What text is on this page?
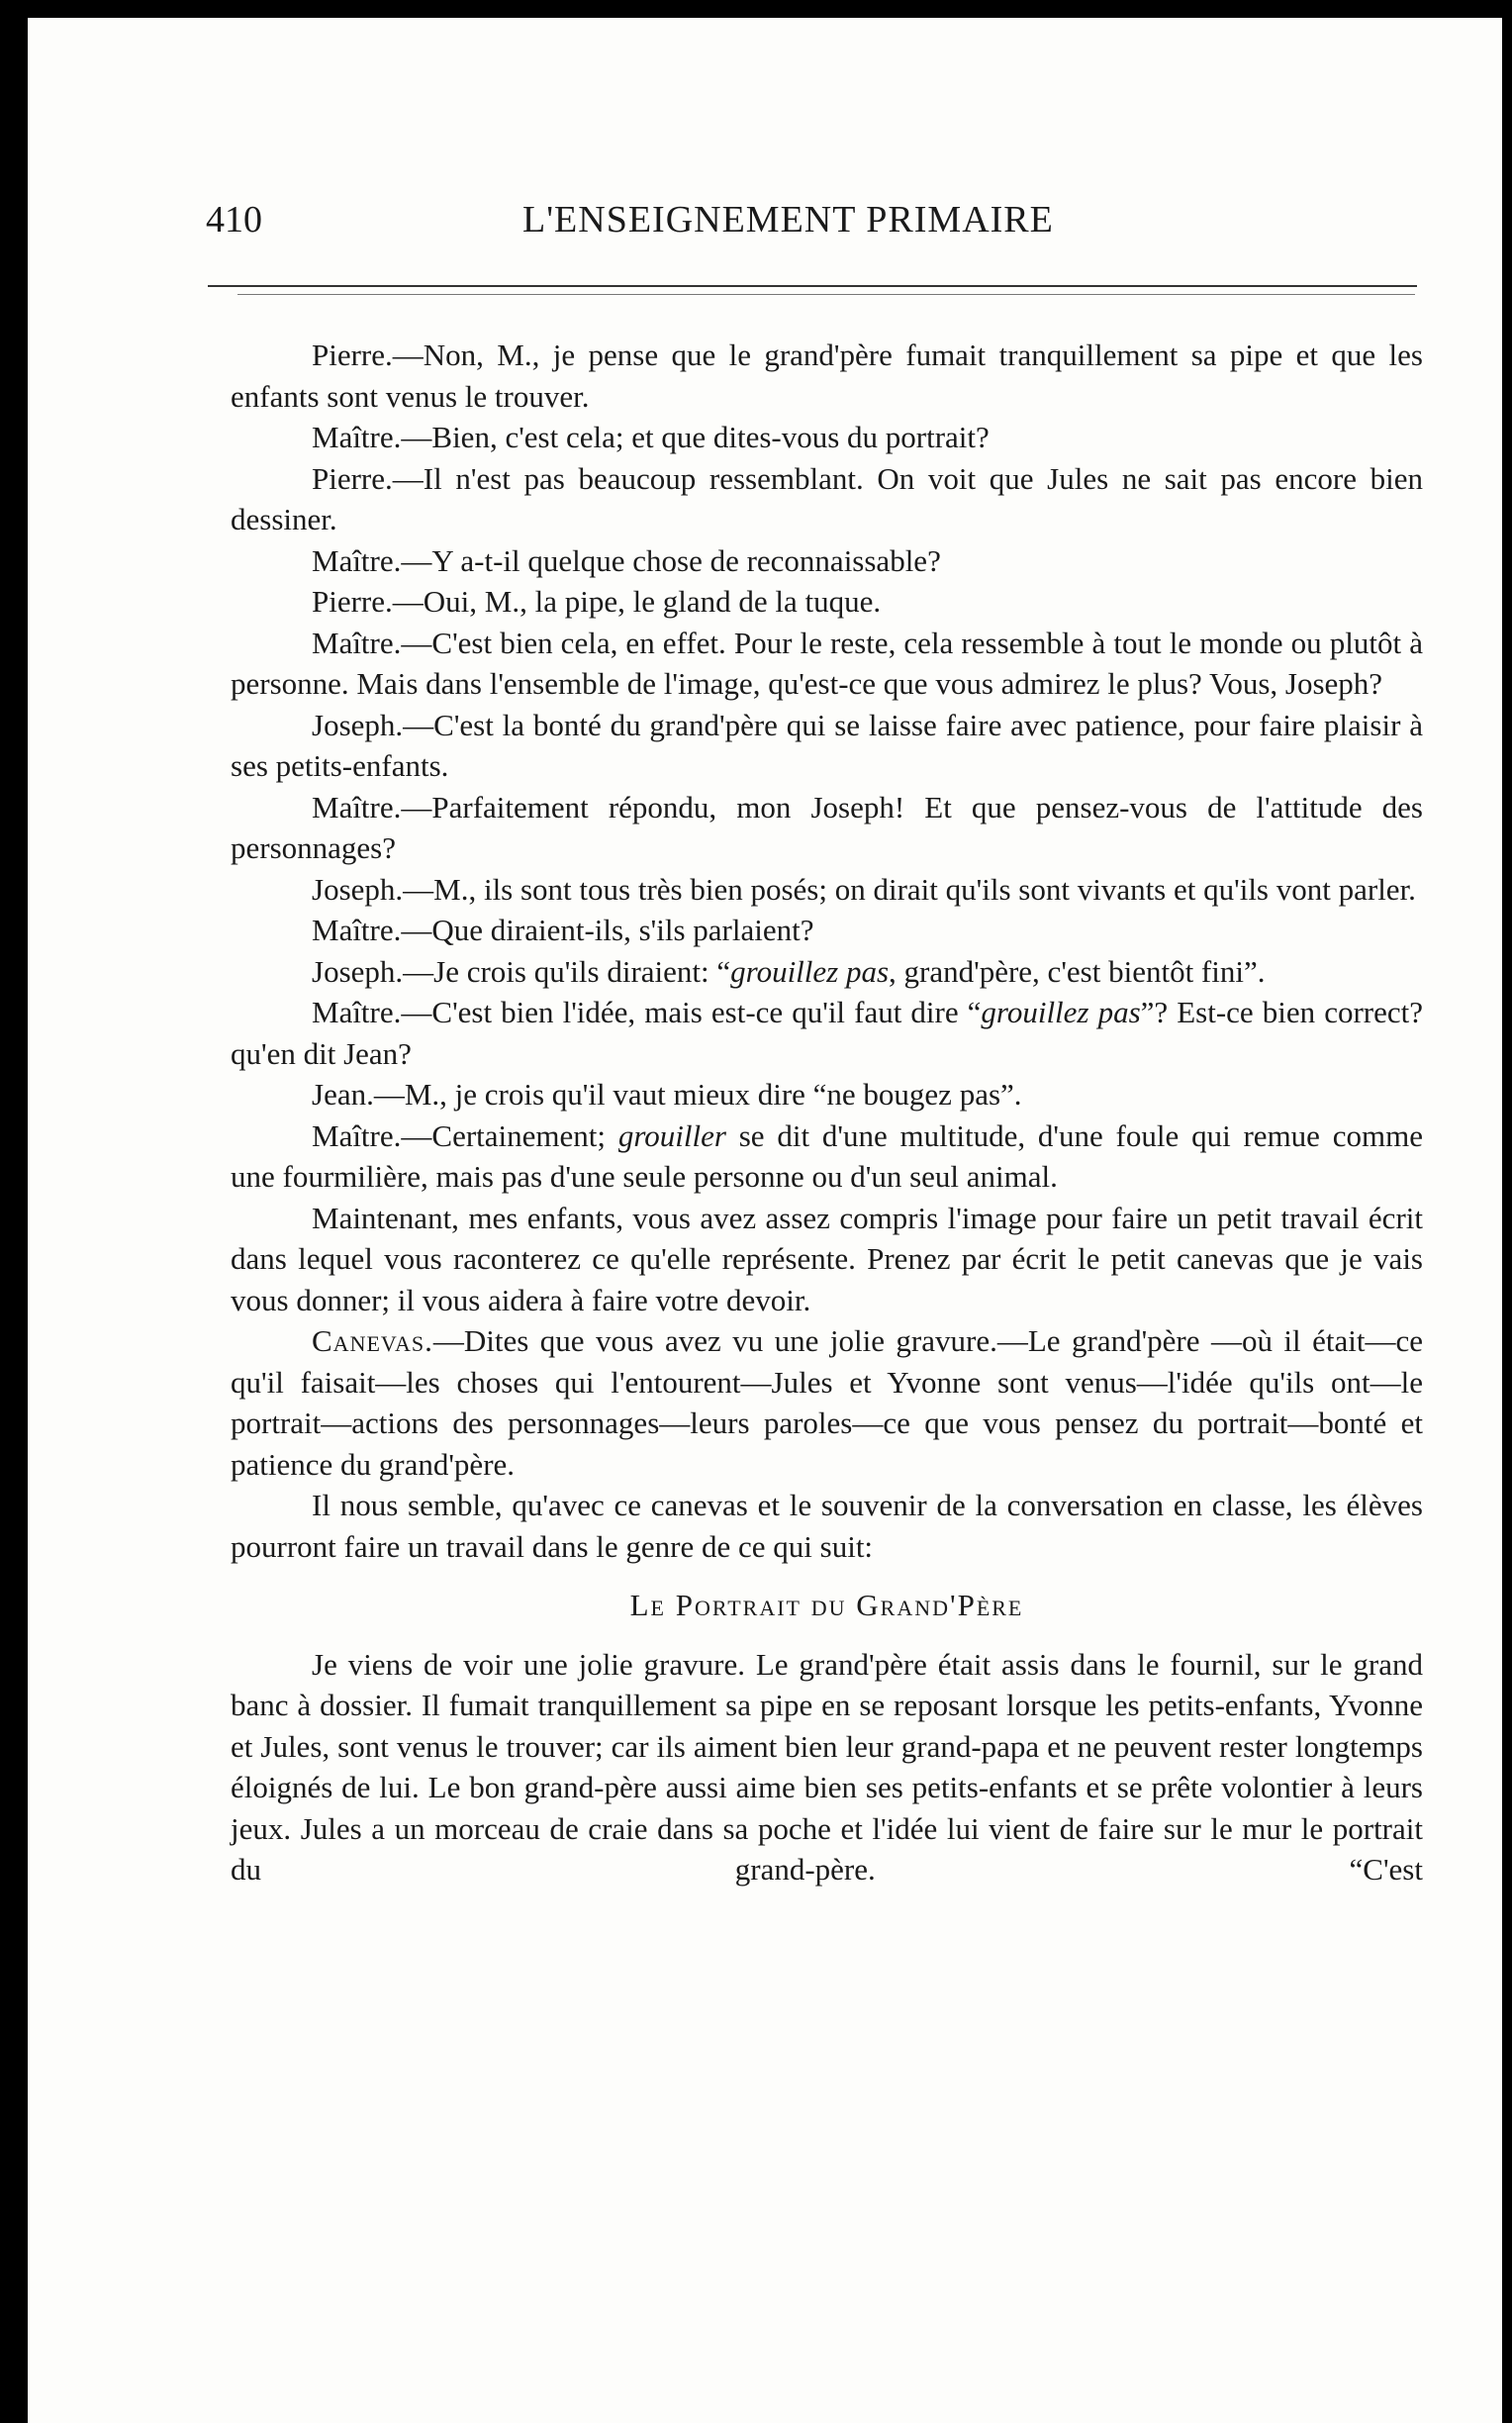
410	L'ENSEIGNEMENT PRIMAIRE

Pierre.—Non, M., je pense que le grand'père fumait tranquillement sa pipe et que les enfants sont venus le trouver.

Maître.—Bien, c'est cela; et que dites-vous du portrait?

Pierre.—Il n'est pas beaucoup ressemblant. On voit que Jules ne sait pas encore bien dessiner.

Maître.—Y a-t-il quelque chose de reconnaissable?

Pierre.—Oui, M., la pipe, le gland de la tuque.

Maître.—C'est bien cela, en effet. Pour le reste, cela ressemble à tout le monde ou plutôt à personne. Mais dans l'ensemble de l'image, qu'est-ce que vous admirez le plus? Vous, Joseph?

Joseph.—C'est la bonté du grand'père qui se laisse faire avec patience, pour faire plaisir à ses petits-enfants.

Maître.—Parfaitement répondu, mon Joseph! Et que pensez-vous de l'attitude des personnages?

Joseph.—M., ils sont tous très bien posés; on dirait qu'ils sont vivants et qu'ils vont parler.

Maître.—Que diraient-ils, s'ils parlaient?

Joseph.—Je crois qu'ils diraient: “grouillez pas, grand'père, c'est bientôt fini”.

Maître.—C'est bien l'idée, mais est-ce qu'il faut dire “grouillez pas”? Est-ce bien correct? qu'en dit Jean?

Jean.—M., je crois qu'il vaut mieux dire “ne bougez pas”.

Maître.—Certainement; grouiller se dit d'une multitude, d'une foule qui remue comme une fourmilière, mais pas d'une seule personne ou d'un seul animal.

Maintenant, mes enfants, vous avez assez compris l'image pour faire un petit travail écrit dans lequel vous raconterez ce qu'elle représente. Prenez par écrit le petit canevas que je vais vous donner; il vous aidera à faire votre devoir.

Canevas.—Dites que vous avez vu une jolie gravure.—Le grand'père —où il était—ce qu'il faisait—les choses qui l'entourent—Jules et Yvonne sont venus—l'idée qu'ils ont—le portrait—actions des personnages—leurs paroles—ce que vous pensez du portrait—bonté et patience du grand'père.

Il nous semble, qu'avec ce canevas et le souvenir de la conversation en classe, les élèves pourront faire un travail dans le genre de ce qui suit:

Le Portrait du Grand'Père

Je viens de voir une jolie gravure. Le grand'père était assis dans le fournil, sur le grand banc à dossier. Il fumait tranquillement sa pipe en se reposant lorsque les petits-enfants, Yvonne et Jules, sont venus le trouver; car ils aiment bien leur grand-papa et ne peuvent rester longtemps éloignés de lui. Le bon grand-père aussi aime bien ses petits-enfants et se prête volontier à leurs jeux. Jules a un morceau de craie dans sa poche et l'idée lui vient de faire sur le mur le portrait du grand-père. “C'est
